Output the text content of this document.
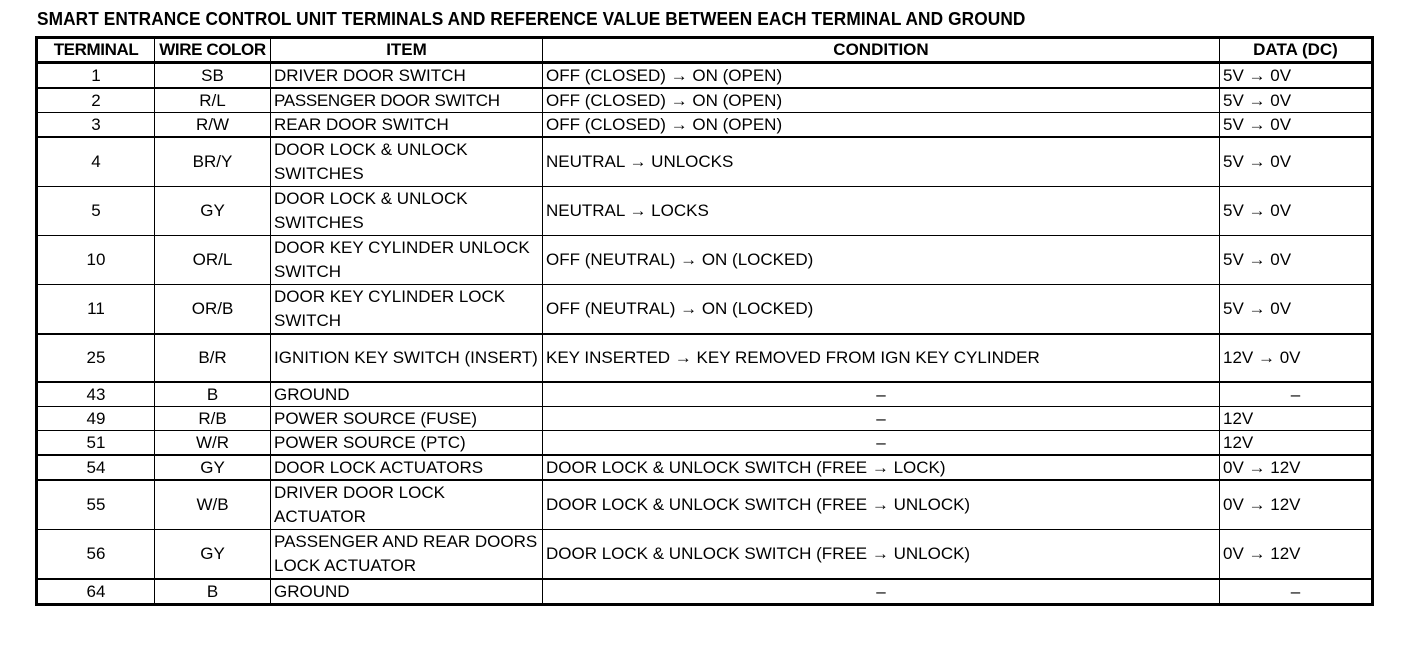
SMART ENTRANCE CONTROL UNIT TERMINALS AND REFERENCE VALUE BETWEEN EACH TERMINAL AND GROUND
TERMINAL	WIRE COLOR	ITEM	CONDITION	DATA (DC)
1	SB	DRIVER DOOR SWITCH	OFF (CLOSED) → ON (OPEN)	5V → 0V
2	R/L	PASSENGER DOOR SWITCH	OFF (CLOSED) → ON (OPEN)	5V → 0V
3	R/W	REAR DOOR SWITCH	OFF (CLOSED) → ON (OPEN)	5V → 0V
4	BR/Y	DOOR LOCK & UNLOCK SWITCHES	NEUTRAL → UNLOCKS	5V → 0V
5	GY	DOOR LOCK & UNLOCK SWITCHES	NEUTRAL → LOCKS	5V → 0V
10	OR/L	DOOR KEY CYLINDER UNLOCK SWITCH	OFF (NEUTRAL) → ON (LOCKED)	5V → 0V
11	OR/B	DOOR KEY CYLINDER LOCK SWITCH	OFF (NEUTRAL) → ON (LOCKED)	5V → 0V
25	B/R	IGNITION KEY SWITCH (INSERT)	KEY INSERTED → KEY REMOVED FROM IGN KEY CYLINDER	12V → 0V
43	B	GROUND	–	–
49	R/B	POWER SOURCE (FUSE)	–	12V
51	W/R	POWER SOURCE (PTC)	–	12V
54	GY	DOOR LOCK ACTUATORS	DOOR LOCK & UNLOCK SWITCH (FREE → LOCK)	0V → 12V
55	W/B	DRIVER DOOR LOCK ACTUATOR	DOOR LOCK & UNLOCK SWITCH (FREE → UNLOCK)	0V → 12V
56	GY	PASSENGER AND REAR DOORS LOCK ACTUATOR	DOOR LOCK & UNLOCK SWITCH (FREE → UNLOCK)	0V → 12V
64	B	GROUND	–	–
